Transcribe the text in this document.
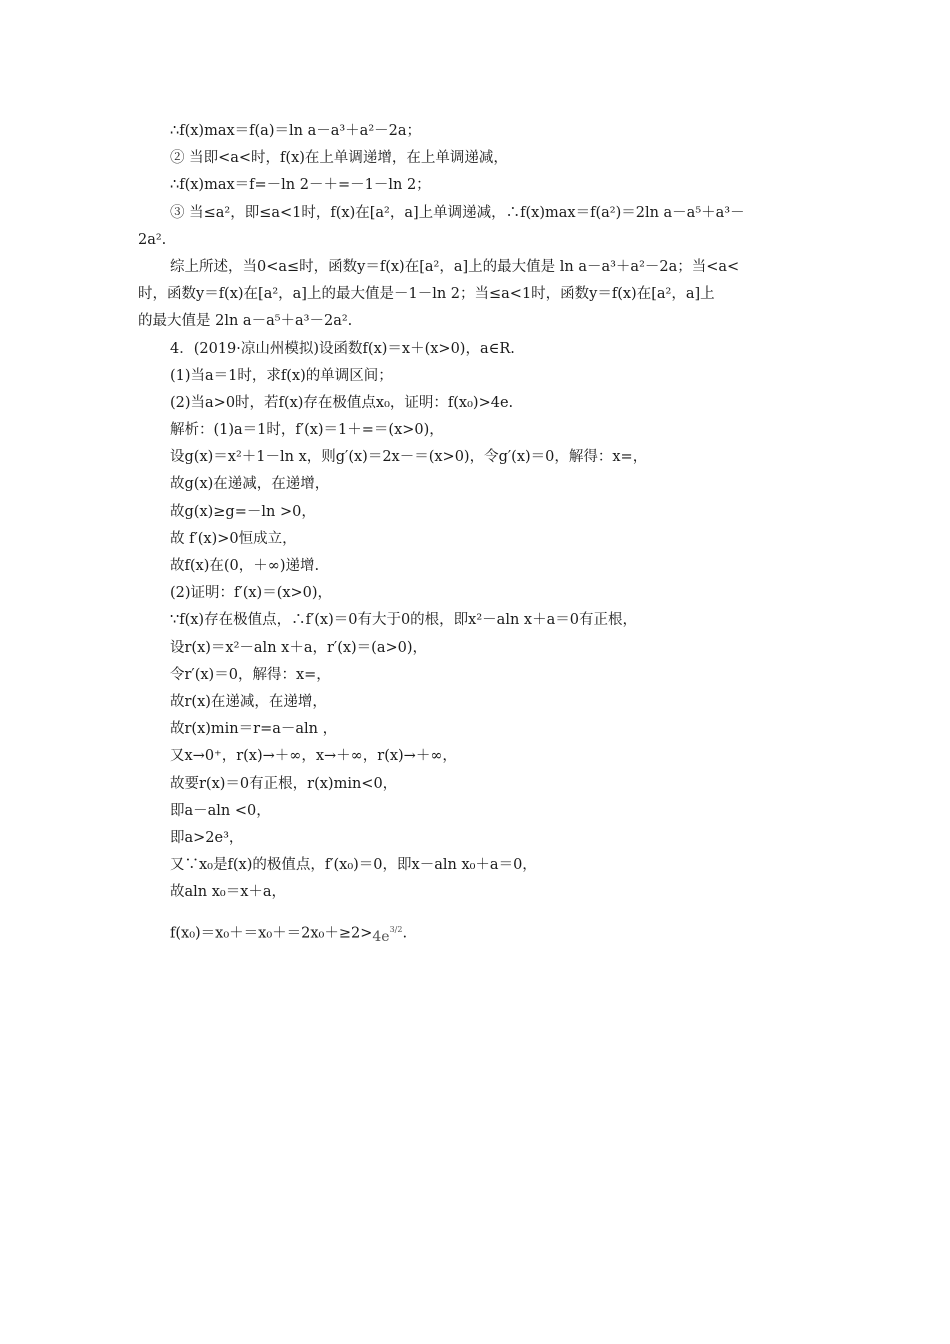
∴f(x)max＝f(a)＝ln a－a³＋a²－2a；
② 当即<a<时，f(x)在上单调递增，在上单调递减，
∴f(x)max＝f=－ln 2－＋=－1－ln 2；
③ 当≤a²，即≤a<1时，f(x)在[a²，a]上单调递减，∴f(x)max＝f(a²)＝2ln a－a⁵＋a³－
2a².
综上所述，当0<a≤时，函数y＝f(x)在[a²，a]上的最大值是 ln a－a³＋a²－2a；当<a<
时，函数y＝f(x)在[a²，a]上的最大值是－1－ln 2；当≤a<1时，函数y＝f(x)在[a²，a]上
的最大值是 2ln a－a⁵＋a³－2a².
4．(2019·凉山州模拟)设函数f(x)＝x＋(x>0)，a∈R.
(1)当a＝1时，求f(x)的单调区间；
(2)当a>0时，若f(x)存在极值点x₀，证明：f(x₀)>4e.
解析：(1)a＝1时，f′(x)＝1＋=＝(x>0)，
设g(x)＝x²＋1－ln x，则g′(x)＝2x－＝(x>0)，令g′(x)＝0，解得：x=，
故g(x)在递减，在递增，
故g(x)≥g=－ln >0，
故 f′(x)>0恒成立，
故f(x)在(0，＋∞)递增.
(2)证明：f′(x)＝(x>0)，
∵f(x)存在极值点，∴f′(x)＝0有大于0的根，即x²－aln x＋a＝0有正根，
设r(x)＝x²－aln x＋a，r′(x)＝(a>0)，
令r′(x)＝0，解得：x=，
故r(x)在递减，在递增，
故r(x)min＝r=a－aln ，
又x→0⁺，r(x)→＋∞，x→＋∞，r(x)→＋∞，
故要r(x)＝0有正根，r(x)min<0，
即a－aln <0，
即a>2e³，
又∵x₀是f(x)的极值点，f′(x₀)＝0，即x－aln x₀＋a＝0，
故aln x₀＝x＋a，
$f(x_0)=x_0+=x_0+=2x_0+\ge 2>4e^{3/2}$.
